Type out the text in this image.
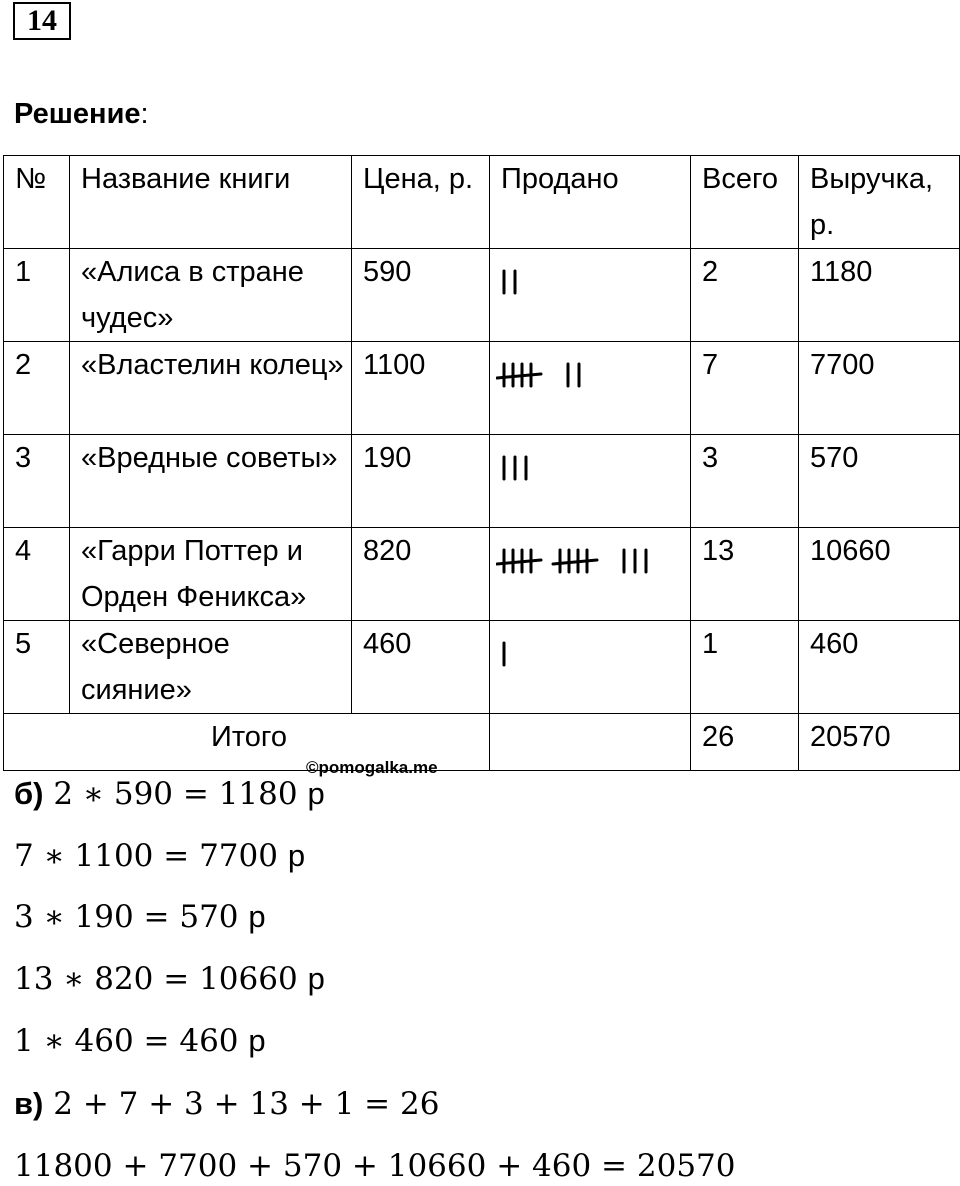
14
Решение:
№	Название книги	Цена, р.	Продано	Всего	Выручка, р.
1	«Алиса в стране чудес»	590		2	1180
2	«Властелин колец»	1100		7	7700
3	«Вредные советы»	190		3	570
4	«Гарри Поттер и Орден Феникса»	820		13	10660
5	«Северное сияние»	460		1	460
Итого				26	20570
©pomogalka.me
б) 2 ∗ 590 = 1180 р
7 ∗ 1100 = 7700 р
3 ∗ 190 = 570 р
13 ∗ 820 = 10660 р
1 ∗ 460 = 460 р
в) 2 + 7 + 3 + 13 + 1 = 26
11800 + 7700 + 570 + 10660 + 460 = 20570
